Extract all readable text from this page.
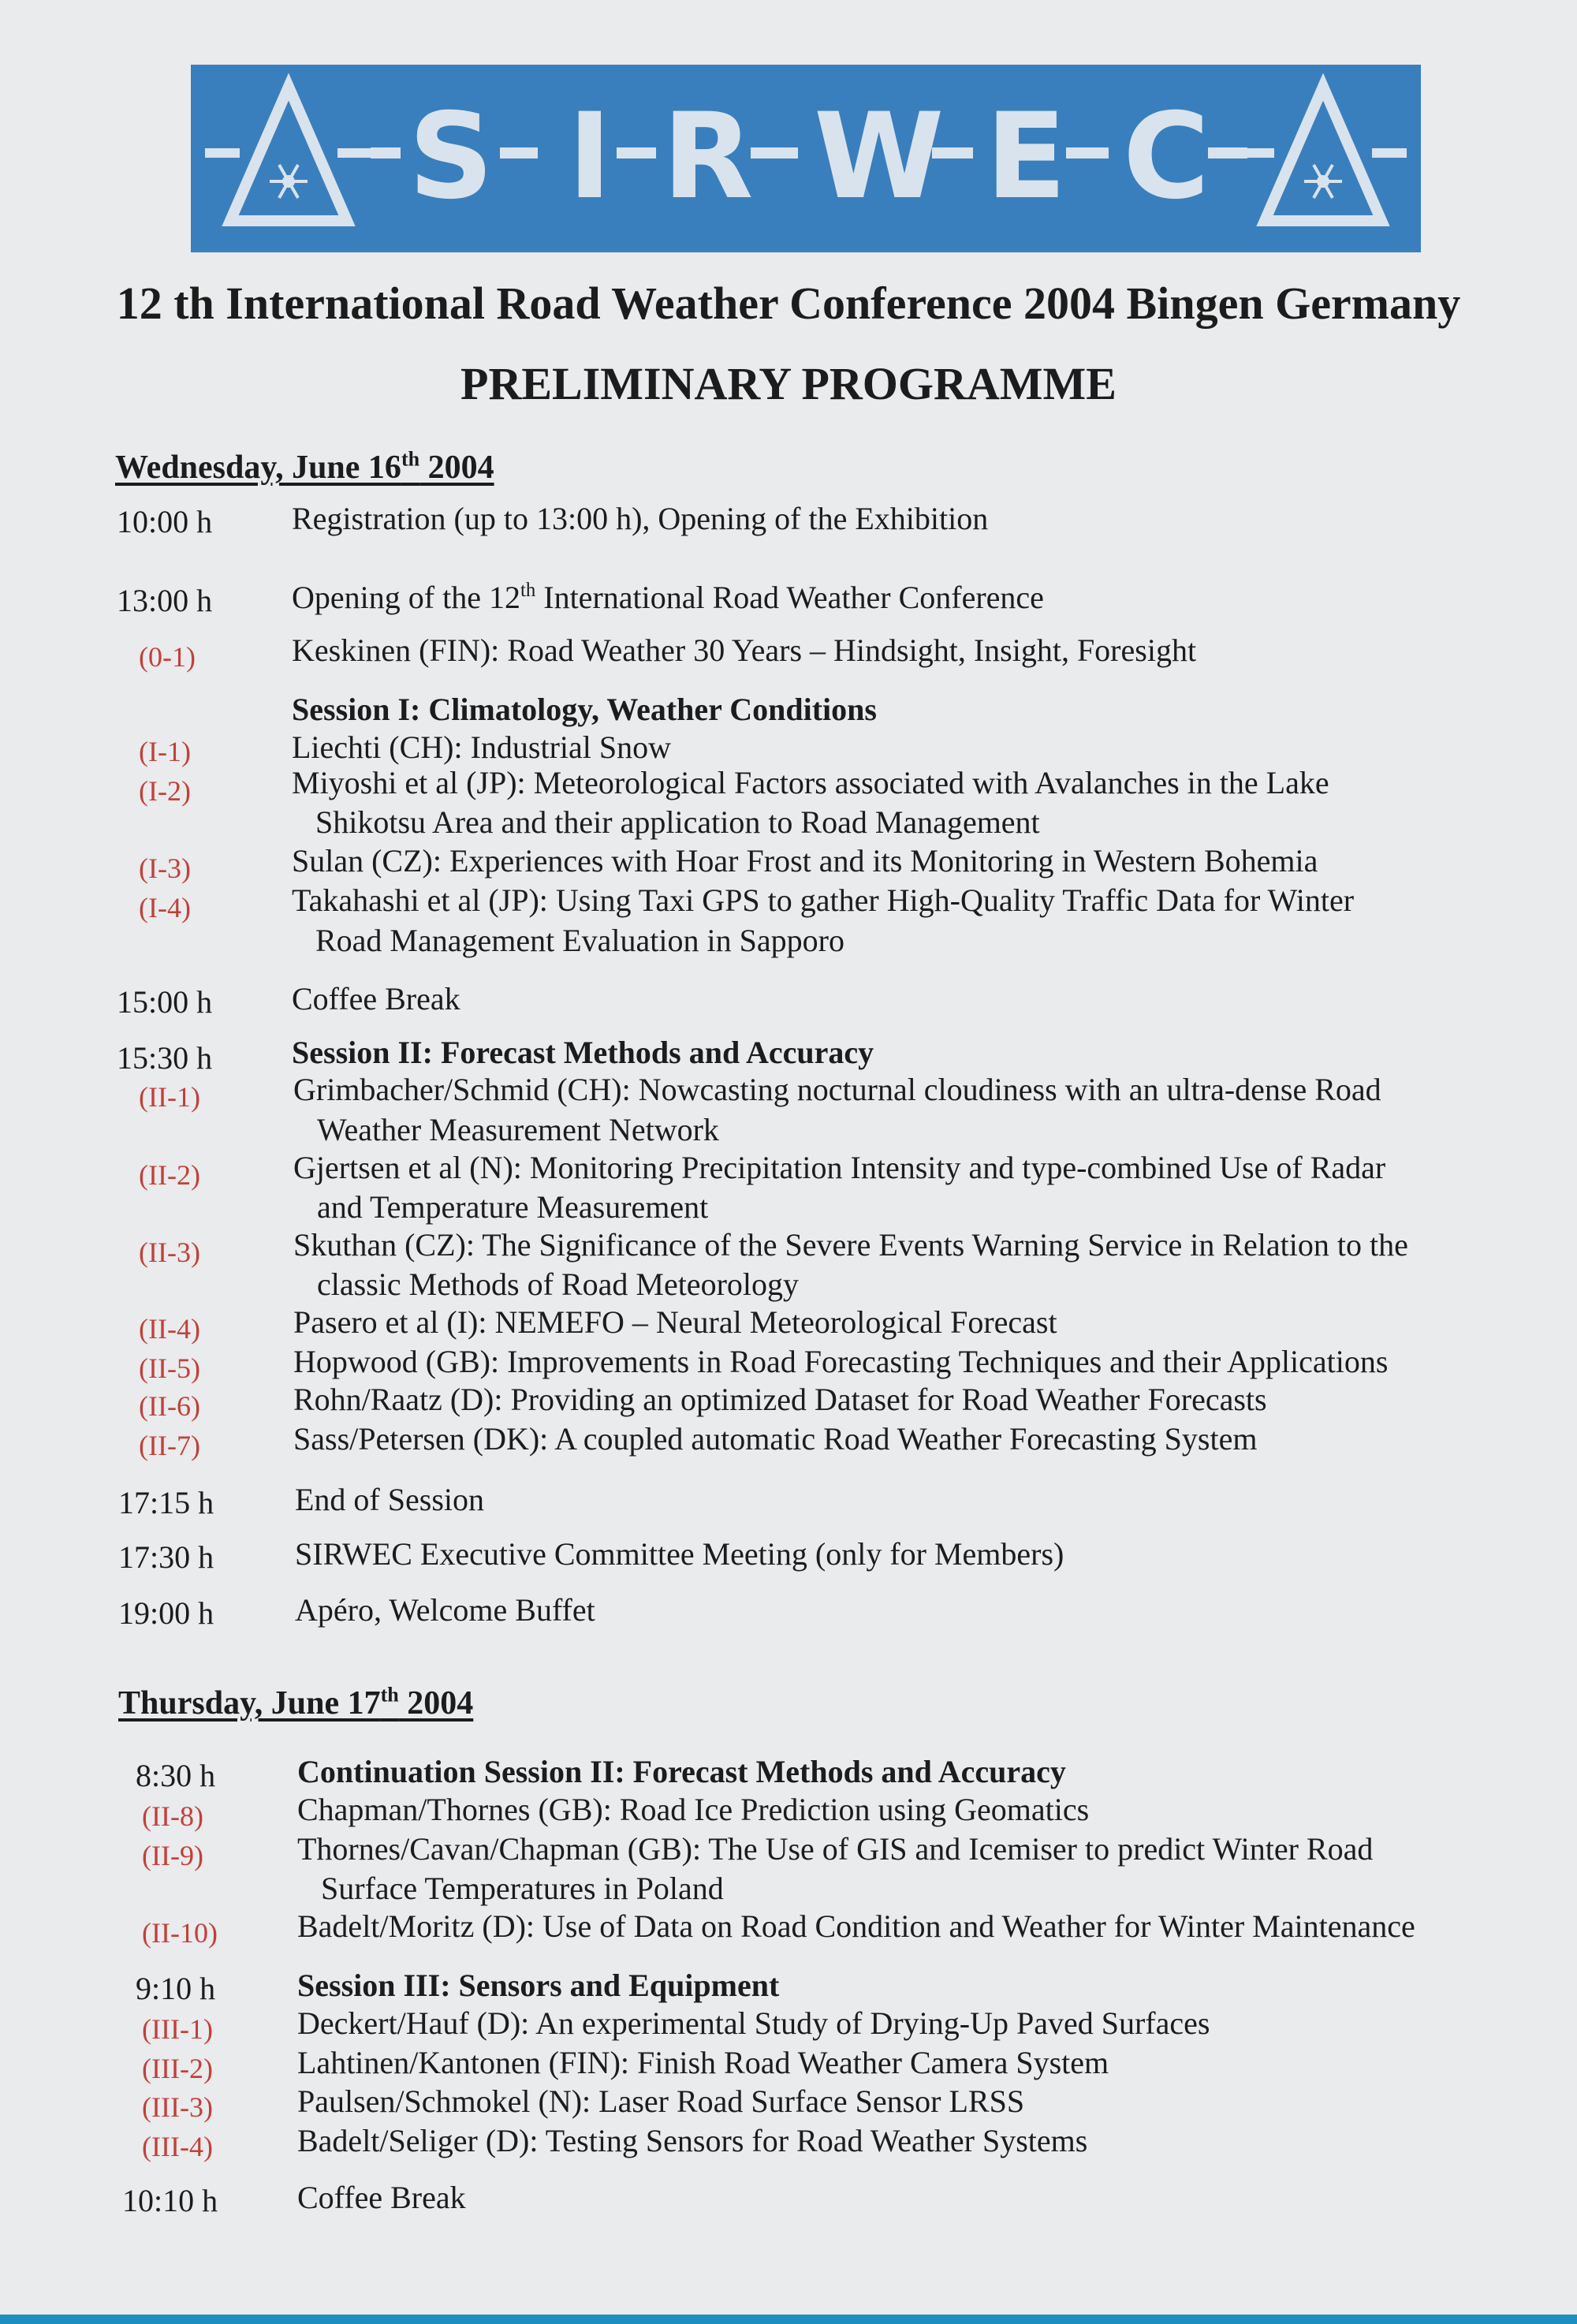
S I R W E C
12 th International Road Weather Conference 2004 Bingen Germany
PRELIMINARY PROGRAMME
Wednesday, June 16th 2004
10:00 h	Registration (up to 13:00 h), Opening of the Exhibition
13:00 h	Opening of the 12th International Road Weather Conference
(0-1)	Keskinen (FIN): Road Weather 30 Years – Hindsight, Insight, Foresight
Session I: Climatology, Weather Conditions
(I-1)	Liechti (CH): Industrial Snow
(I-2)	Miyoshi et al (JP): Meteorological Factors associated with Avalanches in the Lake
Shikotsu Area and their application to Road Management
(I-3)	Sulan (CZ): Experiences with Hoar Frost and its Monitoring in Western Bohemia
(I-4)	Takahashi et al (JP): Using Taxi GPS to gather High-Quality Traffic Data for Winter
Road Management Evaluation in Sapporo
15:00 h	Coffee Break
15:30 h	Session II: Forecast Methods and Accuracy
(II-1)	Grimbacher/Schmid (CH): Nowcasting nocturnal cloudiness with an ultra-dense Road
Weather Measurement Network
(II-2)	Gjertsen et al (N): Monitoring Precipitation Intensity and type-combined Use of Radar
and Temperature Measurement
(II-3)	Skuthan (CZ): The Significance of the Severe Events Warning Service in Relation to the
classic Methods of Road Meteorology
(II-4)	Pasero et al (I): NEMEFO – Neural Meteorological Forecast
(II-5)	Hopwood (GB): Improvements in Road Forecasting Techniques and their Applications
(II-6)	Rohn/Raatz (D): Providing an optimized Dataset for Road Weather Forecasts
(II-7)	Sass/Petersen (DK): A coupled automatic Road Weather Forecasting System
17:15 h	End of Session
17:30 h	SIRWEC Executive Committee Meeting (only for Members)
19:00 h	Apéro, Welcome Buffet
Thursday, June 17th 2004
8:30 h	Continuation Session II: Forecast Methods and Accuracy
(II-8)	Chapman/Thornes (GB): Road Ice Prediction using Geomatics
(II-9)	Thornes/Cavan/Chapman (GB): The Use of GIS and Icemiser to predict Winter Road
Surface Temperatures in Poland
(II-10)	Badelt/Moritz (D): Use of Data on Road Condition and Weather for Winter Maintenance
9:10 h	Session III: Sensors and Equipment
(III-1)	Deckert/Hauf (D): An experimental Study of Drying-Up Paved Surfaces
(III-2)	Lahtinen/Kantonen (FIN): Finish Road Weather Camera System
(III-3)	Paulsen/Schmokel (N): Laser Road Surface Sensor LRSS
(III-4)	Badelt/Seliger (D): Testing Sensors for Road Weather Systems
10:10 h	Coffee Break
